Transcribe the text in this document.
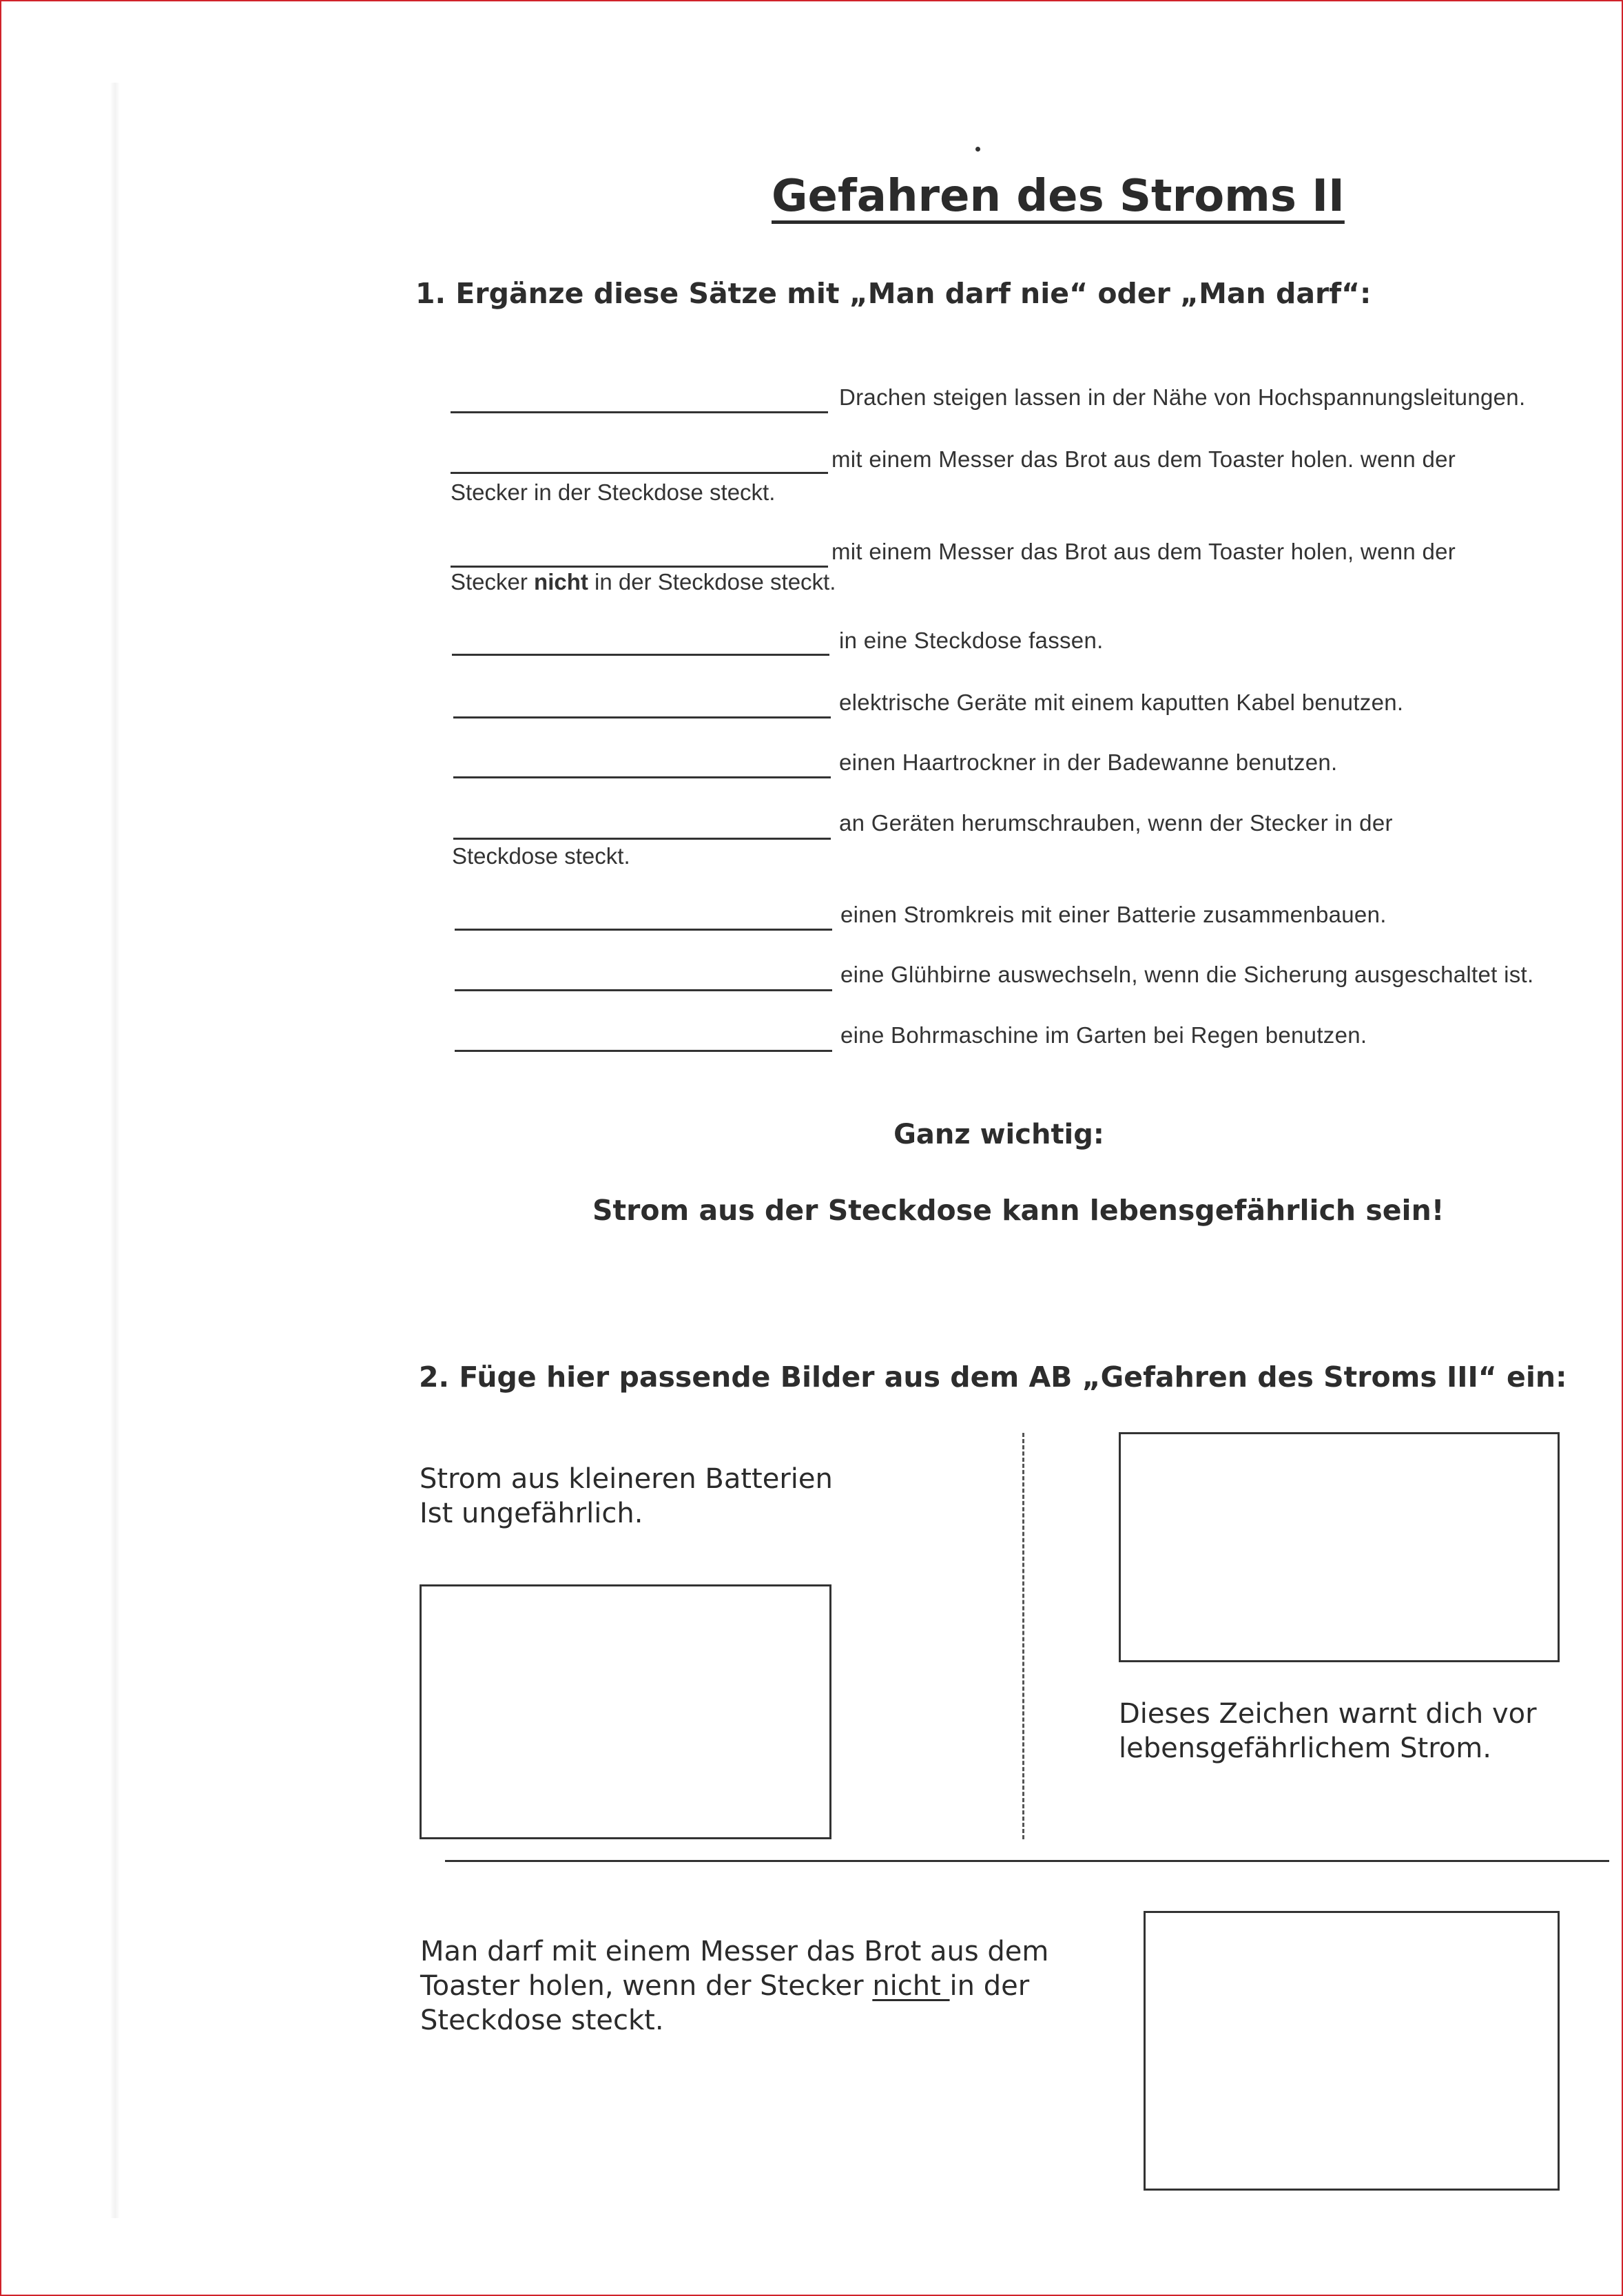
Gefahren des Stroms II
1. Ergänze diese Sätze mit „Man darf nie“ oder „Man darf“:
Drachen steigen lassen in der Nähe von Hochspannungsleitungen.
mit einem Messer das Brot aus dem Toaster holen. wenn der
Stecker in der Steckdose steckt.
mit einem Messer das Brot aus dem Toaster holen, wenn der
Stecker nicht in der Steckdose steckt.
in eine Steckdose fassen.
elektrische Geräte mit einem kaputten Kabel benutzen.
einen Haartrockner in der Badewanne benutzen.
an Geräten herumschrauben, wenn der Stecker in der
Steckdose steckt.
einen Stromkreis mit einer Batterie zusammenbauen.
eine Glühbirne auswechseln, wenn die Sicherung ausgeschaltet ist.
eine Bohrmaschine im Garten bei Regen benutzen.
Ganz wichtig:
Strom aus der Steckdose kann lebensgefährlich sein!
2. Füge hier passende Bilder aus dem AB „Gefahren des Stroms III“ ein:
Strom aus kleineren Batterien
Ist ungefährlich.
Dieses Zeichen warnt dich vor
lebensgefährlichem Strom.
Man darf mit einem Messer das Brot aus dem
Toaster holen, wenn der Stecker nicht in der
Steckdose steckt.
